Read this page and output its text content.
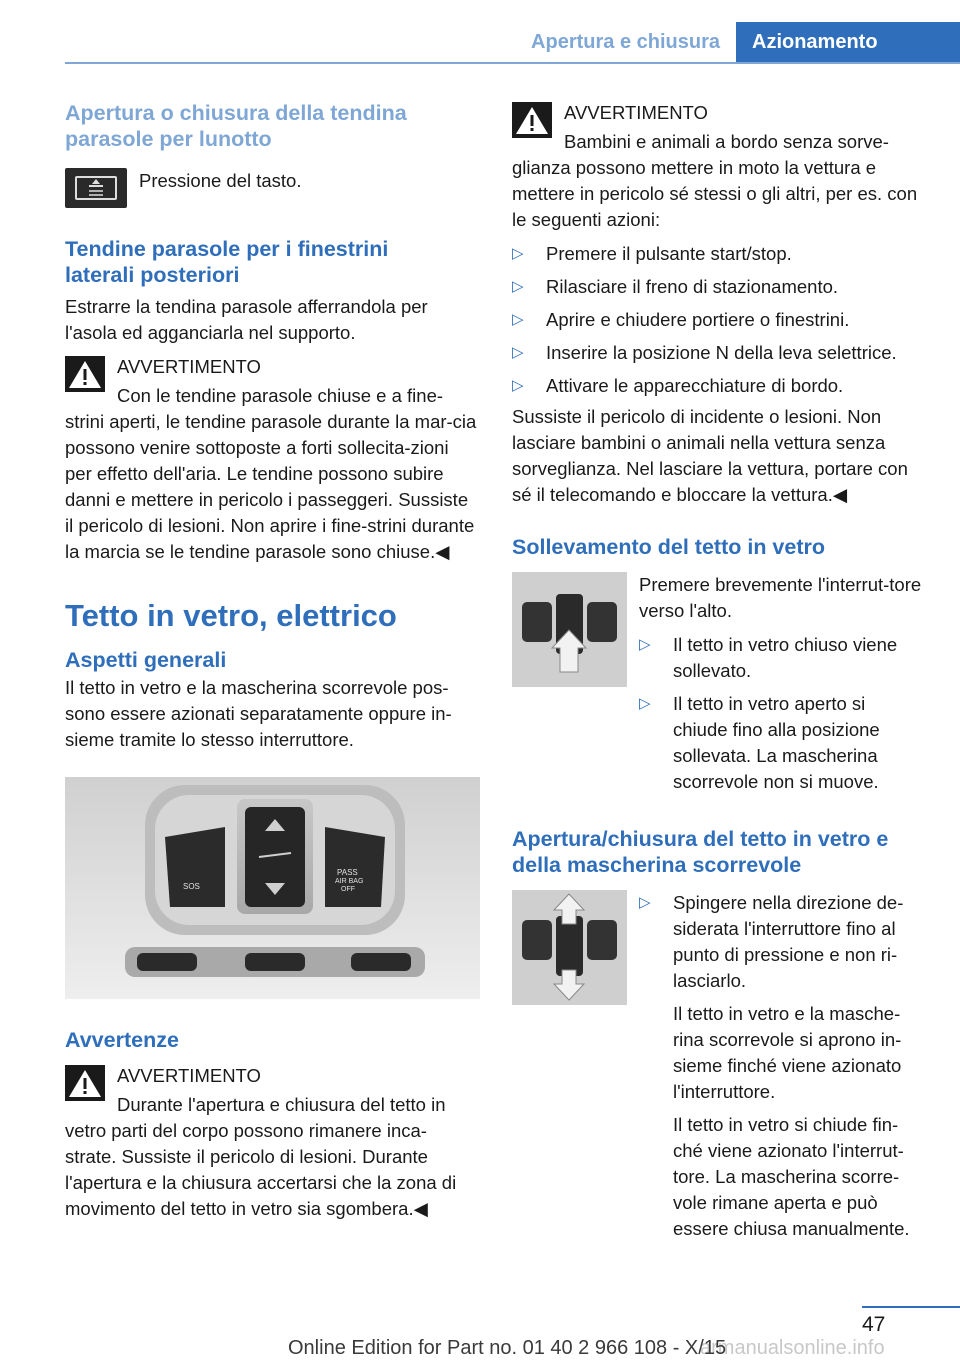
Apertura e chiusura	Azionamento
Apertura o chiusura della tendina parasole per lunotto

Pressione del tasto.

Tendine parasole per i finestrini laterali posteriori

Estrarre la tendina parasole afferrandola per l'asola ed agganciarla nel supporto.

AVVERTIMENTO

Con le tendine parasole chiuse e a fine-strini aperti, le tendine parasole durante la mar-cia possono venire sottoposte a forti sollecita-zioni per effetto dell'aria. Le tendine possono subire danni e mettere in pericolo i passeggeri. Sussiste il pericolo di lesioni. Non aprire i fine-strini durante la marcia se le tendine parasole sono chiuse.◀

Tetto in vetro, elettrico
Aspetti generali

Il tetto in vetro e la mascherina scorrevole pos-sono essere azionati separatamente oppure in-sieme tramite lo stesso interruttore.

SOS
PASS
AIR BAG
OFF
Avvertenze

AVVERTIMENTO

Durante l'apertura e chiusura del tetto in vetro parti del corpo possono rimanere inca-strate. Sussiste il pericolo di lesioni. Durante l'apertura e la chiusura accertarsi che la zona di movimento del tetto in vetro sia sgombera.◀

AVVERTIMENTO

Bambini e animali a bordo senza sorve-glianza possono mettere in moto la vettura e mettere in pericolo sé stessi o gli altri, per es. con le seguenti azioni:

▷ Premere il pulsante start/stop.
▷ Rilasciare il freno di stazionamento.
▷ Aprire e chiudere portiere o finestrini.
▷ Inserire la posizione N della leva selettrice.
▷ Attivare le apparecchiature di bordo.

Sussiste il pericolo di incidente o lesioni. Non lasciare bambini o animali nella vettura senza sorveglianza. Nel lasciare la vettura, portare con sé il telecomando e bloccare la vettura.◀

Sollevamento del tetto in vetro

Premere brevemente l'interrut-tore verso l'alto.

▷ Il tetto in vetro chiuso viene sollevato.
▷ Il tetto in vetro aperto si chiude fino alla posizione sollevata. La mascherina scorrevole non si muove.
Apertura/chiusura del tetto in vetro e della mascherina scorrevole
▷ Spingere nella direzione de-siderata l'interruttore fino al punto di pressione e non ri-lasciarlo.

Il tetto in vetro e la masche-rina scorrevole si aprono in-sieme finché viene azionato l'interruttore.

Il tetto in vetro si chiude fin-ché viene azionato l'interrut-tore. La mascherina scorre-vole rimane aperta e può essere chiusa manualmente.

47
armanualsonline.info
Online Edition for Part no. 01 40 2 966 108 - X/15
